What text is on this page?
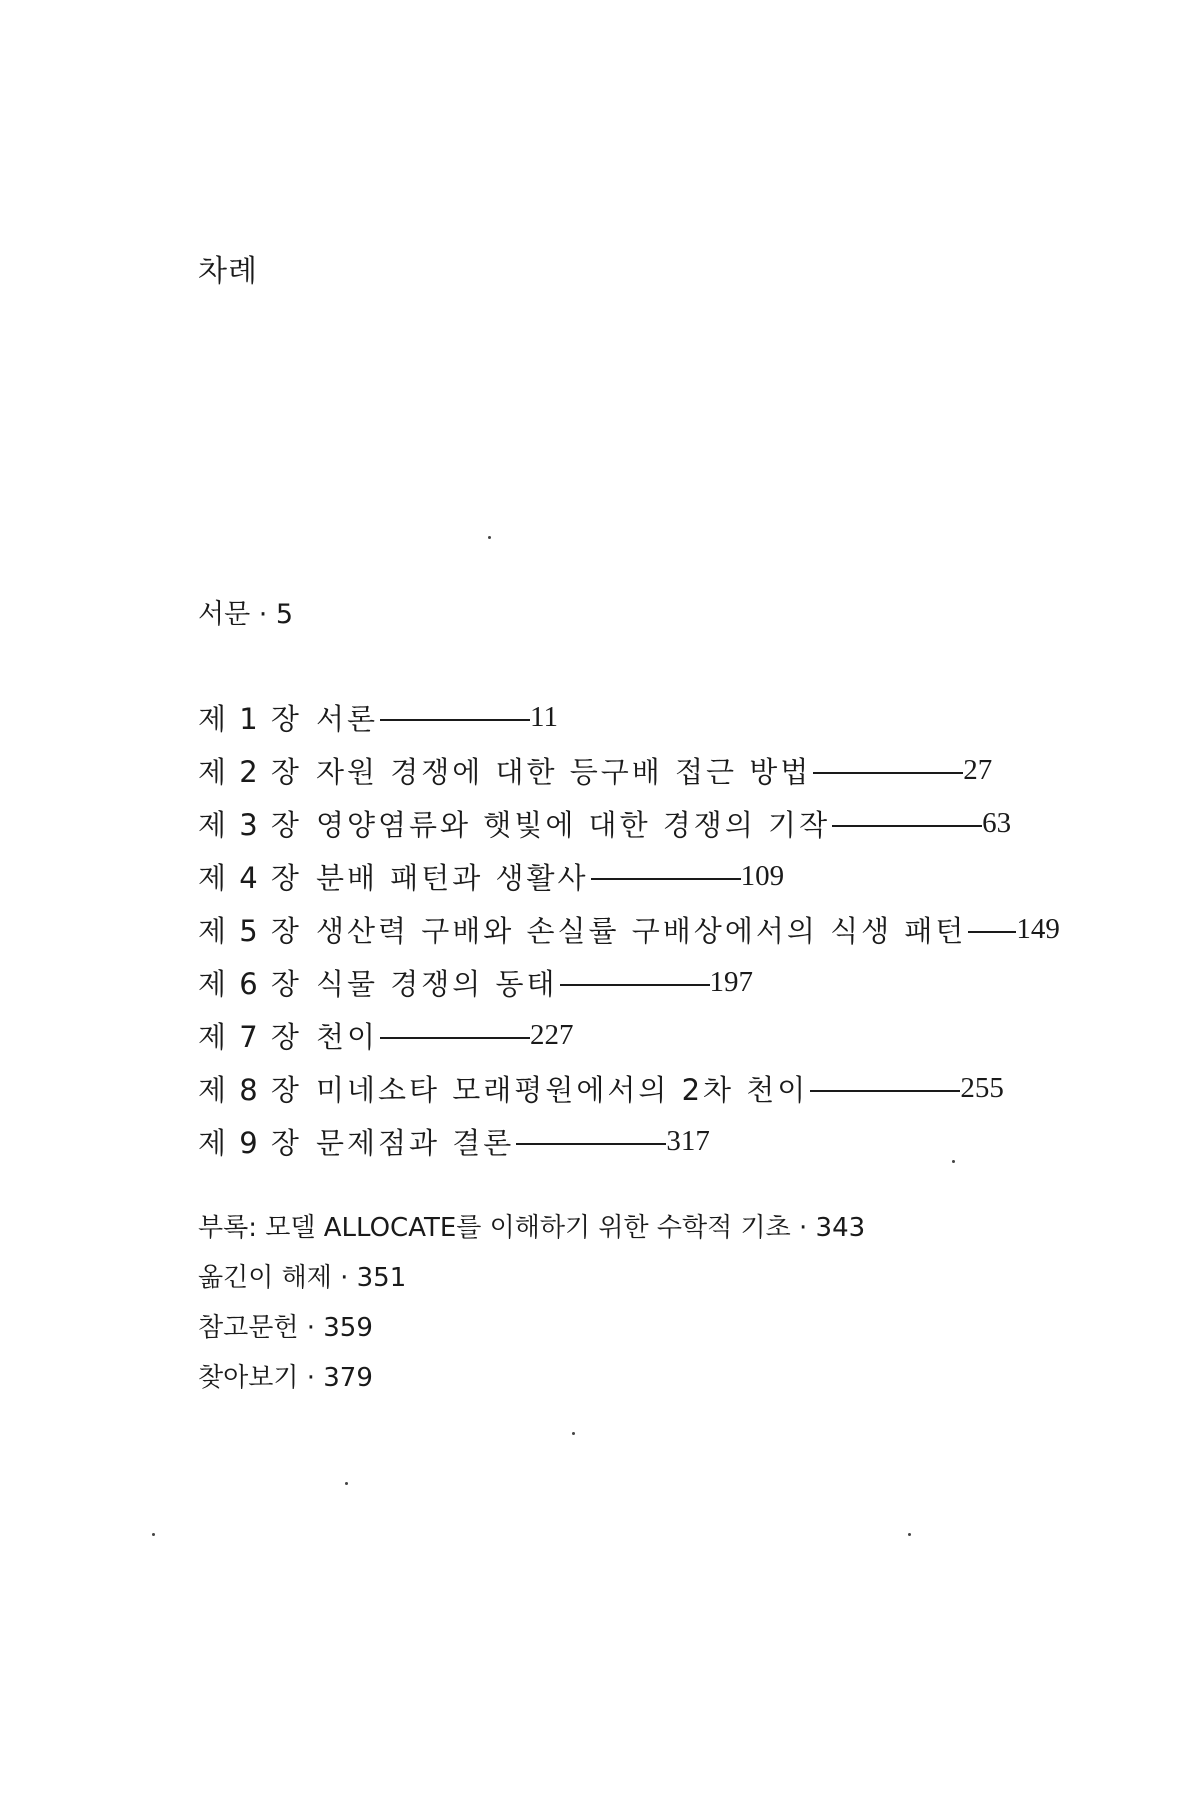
차례
서문 · 5
제 1 장 서론	11
제 2 장 자원 경쟁에 대한 등구배 접근 방법	27
제 3 장 영양염류와 햇빛에 대한 경쟁의 기작	63
제 4 장 분배 패턴과 생활사	109
제 5 장 생산력 구배와 손실률 구배상에서의 식생 패턴 149
제 6 장 식물 경쟁의 동태	197
제 7 장 천이	227
제 8 장 미네소타 모래평원에서의 2차 천이	255
제 9 장 문제점과 결론	317
부록: 모델 ALLOCATE를 이해하기 위한 수학적 기초 · 343
옮긴이 해제 · 351
참고문헌 · 359
찾아보기 · 379
